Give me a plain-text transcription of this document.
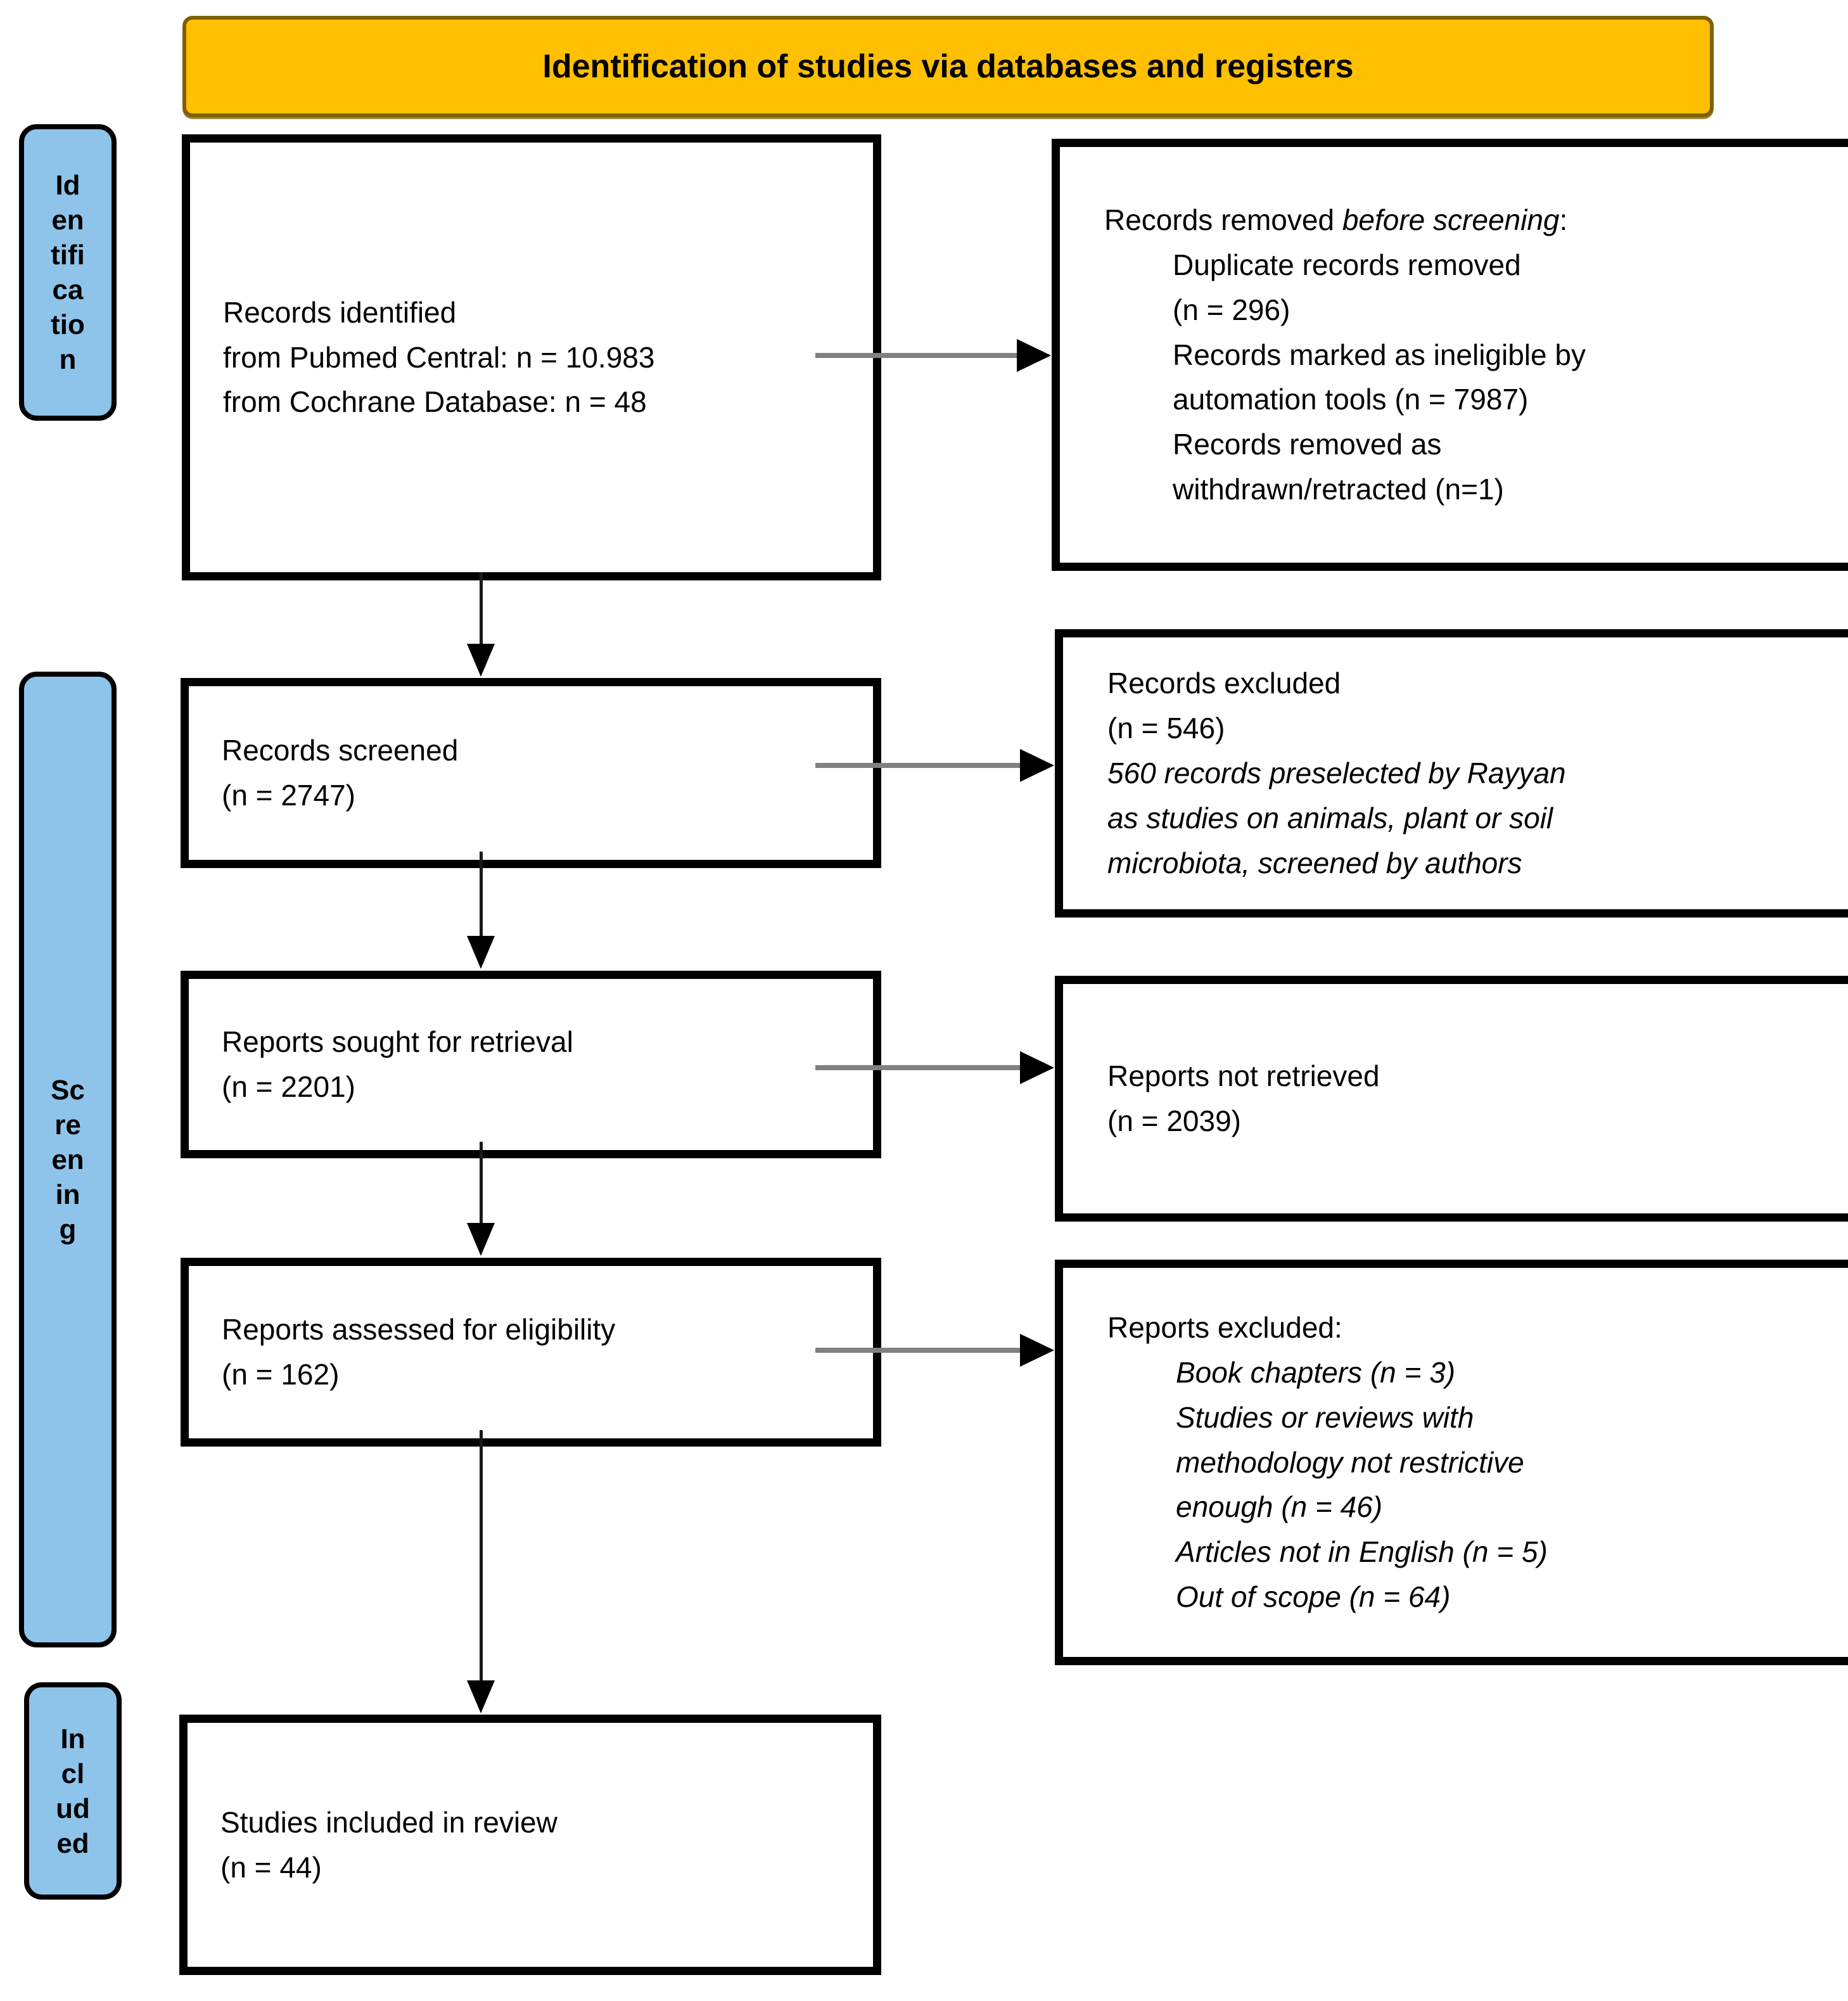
Identification of studies via databases and registers
Id
en
tifi
ca
tio
n
Sc
re
en
in
g
In
cl
ud
ed
Records identified
from Pubmed Central: n = 10.983
from Cochrane Database: n = 48
Records removed before screening:
Duplicate records removed
(n = 296)
Records marked as ineligible by
automation tools (n = 7987)
Records removed as
withdrawn/retracted (n=1)
Records screened
(n = 2747)
Records excluded
(n = 546)
560 records preselected by Rayyan
as studies on animals, plant or soil
microbiota, screened by authors
Reports sought for retrieval
(n = 2201)	Reports not retrieved
(n = 2039)
Reports assessed for eligibility
(n = 162)
Reports excluded:
Book chapters (n = 3)
Studies or reviews with
methodology not restrictive
enough (n = 46)
Articles not in English (n = 5)
Out of scope (n = 64)
Studies included in review
(n = 44)
